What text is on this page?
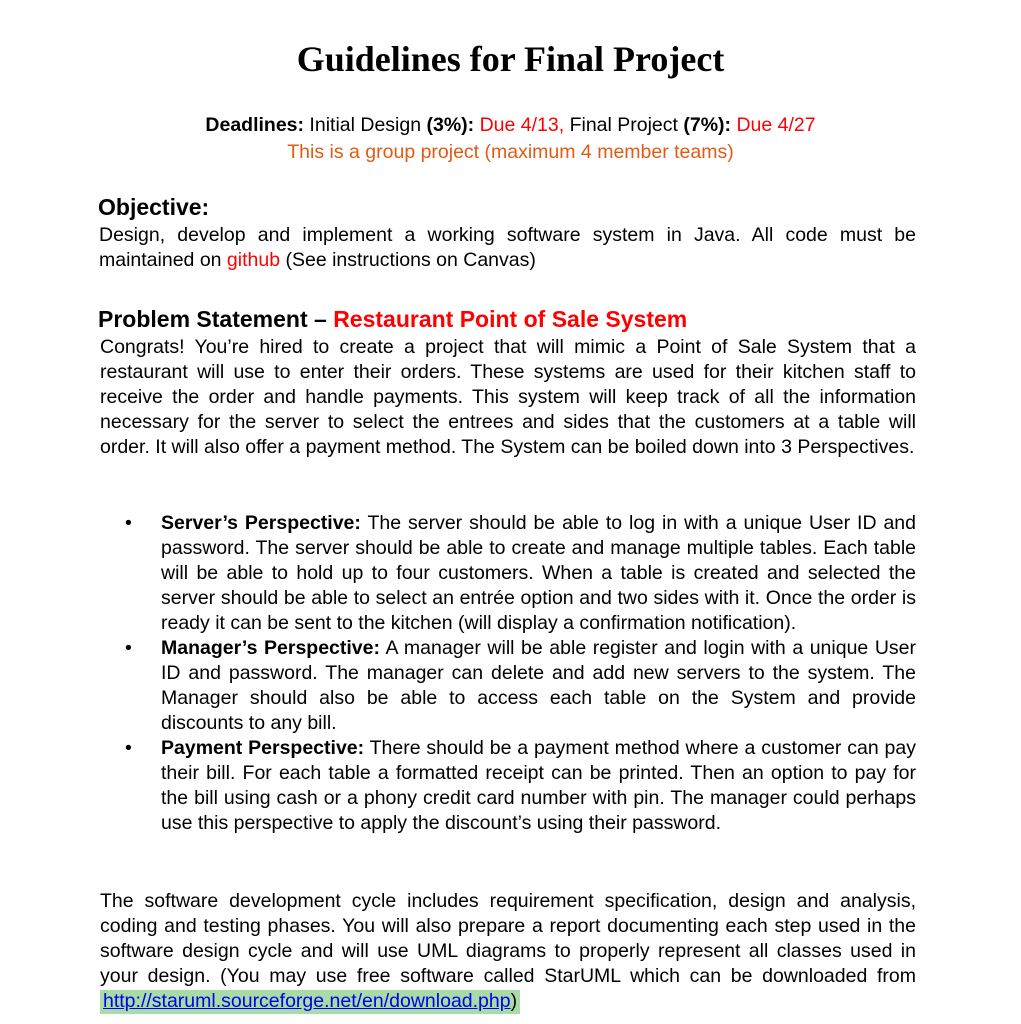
Guidelines for Final Project
Deadlines: Initial Design (3%): Due 4/13, Final Project (7%): Due 4/27
This is a group project (maximum 4 member teams)
Objective:

Design, develop and implement a working software system in Java. All code must be maintained on github (See instructions on Canvas)

Problem Statement – Restaurant Point of Sale System

Congrats! You’re hired to create a project that will mimic a Point of Sale System that a restaurant will use to enter their orders. These systems are used for their kitchen staff to receive the order and handle payments. This system will keep track of all the information necessary for the server to select the entrees and sides that the customers at a table will order. It will also offer a payment method. The System can be boiled down into 3 Perspectives.

• Server’s Perspective: The server should be able to log in with a unique User ID and password. The server should be able to create and manage multiple tables. Each table will be able to hold up to four customers. When a table is created and selected the server should be able to select an entrée option and two sides with it. Once the order is ready it can be sent to the kitchen (will display a confirmation notification).
• Manager’s Perspective: A manager will be able register and login with a unique User ID and password. The manager can delete and add new servers to the system. The Manager should also be able to access each table on the System and provide discounts to any bill.
• Payment Perspective: There should be a payment method where a customer can pay their bill. For each table a formatted receipt can be printed. Then an option to pay for the bill using cash or a phony credit card number with pin. The manager could perhaps use this perspective to apply the discount’s using their password.

The software development cycle includes requirement specification, design and analysis, coding and testing phases. You will also prepare a report documenting each step used in the software design cycle and will use UML diagrams to properly represent all classes used in your design. (You may use free software called StarUML which can be downloaded from http://staruml.sourceforge.net/en/download.php)
